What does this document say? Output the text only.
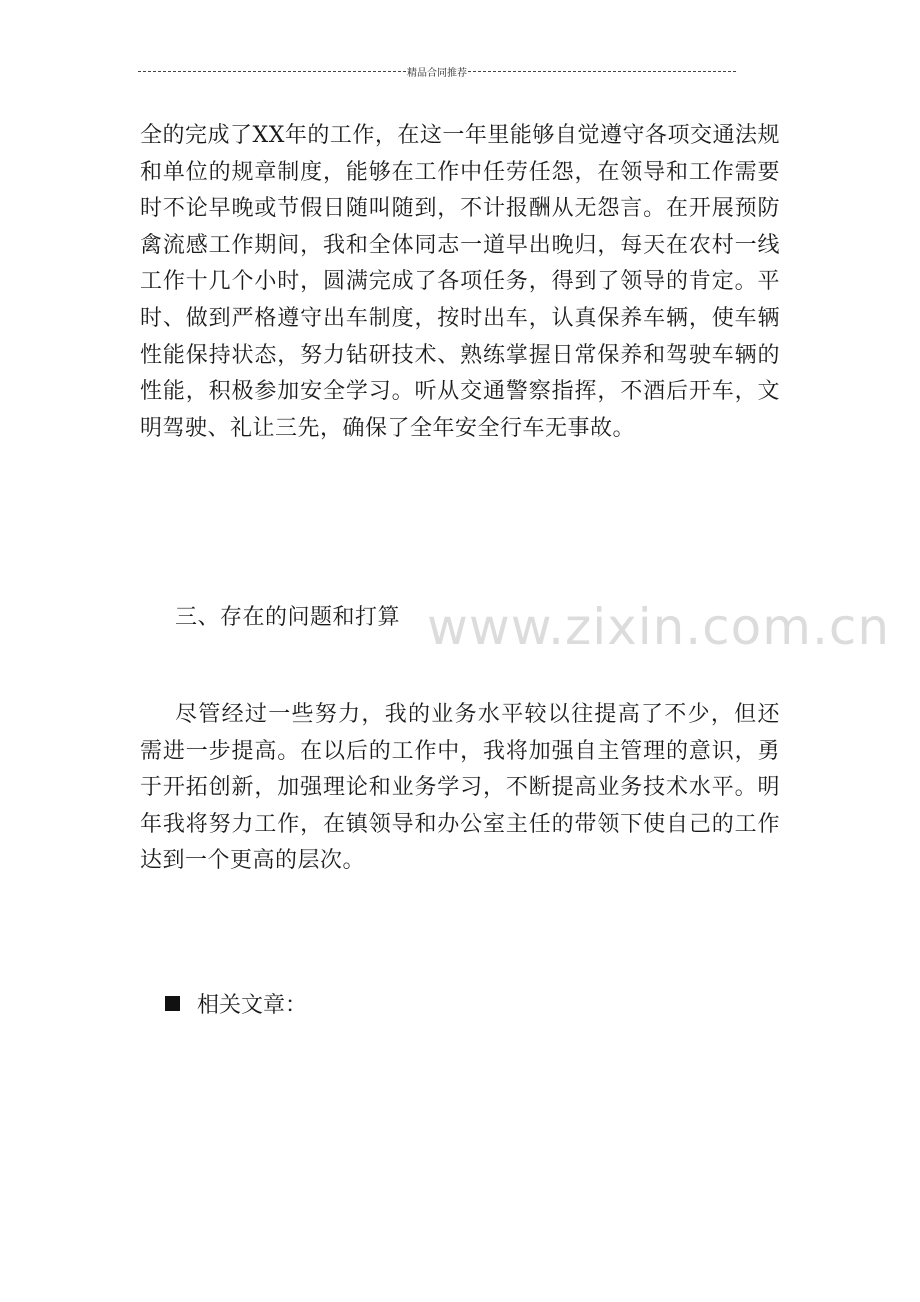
精品合同推荐
全的完成了XX年的工作，在这一年里能够自觉遵守各项交通法规和单位的规章制度，能够在工作中任劳任怨，在领导和工作需要时不论早晚或节假日随叫随到，不计报酬从无怨言。在开展预防禽流感工作期间，我和全体同志一道早出晚归，每天在农村一线工作十几个小时，圆满完成了各项任务，得到了领导的肯定。平时、做到严格遵守出车制度，按时出车，认真保养车辆，使车辆性能保持状态，努力钻研技术、熟练掌握日常保养和驾驶车辆的性能，积极参加安全学习。听从交通警察指挥，不酒后开车，文明驾驶、礼让三先，确保了全年安全行车无事故。
三、存在的问题和打算
尽管经过一些努力，我的业务水平较以往提高了不少，但还需进一步提高。在以后的工作中，我将加强自主管理的意识，勇于开拓创新，加强理论和业务学习，不断提高业务技术水平。明年我将努力工作，在镇领导和办公室主任的带领下使自己的工作达到一个更高的层次。
相关文章：
www.zixin.com.cn
